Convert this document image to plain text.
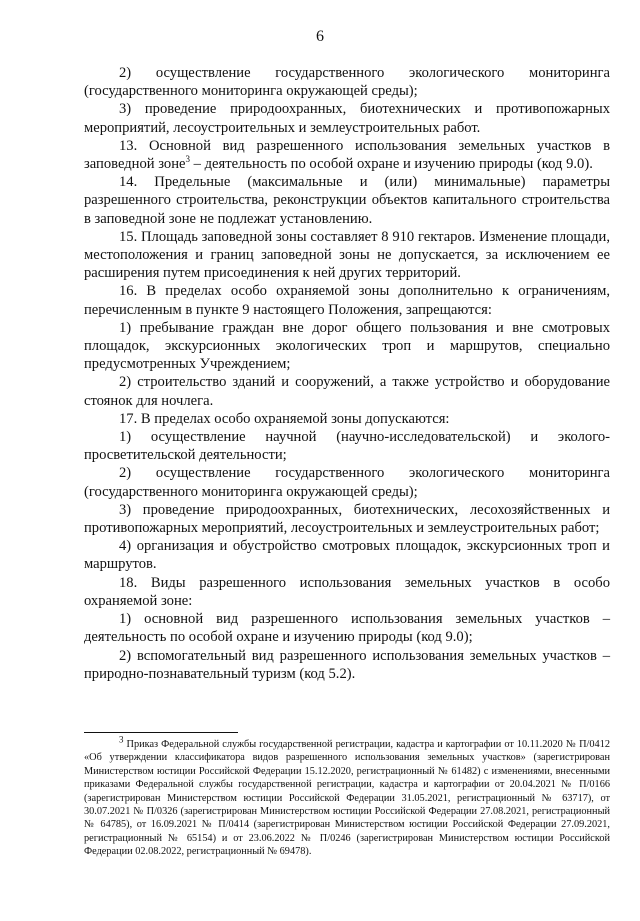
6

2) осуществление государственного экологического мониторинга (государственного мониторинга окружающей среды);

3) проведение природоохранных, биотехнических и противопожарных мероприятий, лесоустроительных и землеустроительных работ.

13. Основной вид разрешенного использования земельных участков в заповедной зоне$^3$ – деятельность по особой охране и изучению природы (код 9.0).

14. Предельные (максимальные и (или) минимальные) параметры разрешенного строительства, реконструкции объектов капитального строительства в заповедной зоне не подлежат установлению.

15. Площадь заповедной зоны составляет 8 910 гектаров. Изменение площади, местоположения и границ заповедной зоны не допускается, за исключением ее расширения путем присоединения к ней других территорий.

16. В пределах особо охраняемой зоны дополнительно к ограничениям, перечисленным в пункте 9 настоящего Положения, запрещаются:

1) пребывание граждан вне дорог общего пользования и вне смотровых площадок, экскурсионных экологических троп и маршрутов, специально предусмотренных Учреждением;

2) строительство зданий и сооружений, а также устройство и оборудование стоянок для ночлега.

17. В пределах особо охраняемой зоны допускаются:

1) осуществление научной (научно-исследовательской) и эколого-просветительской деятельности;

2) осуществление государственного экологического мониторинга (государственного мониторинга окружающей среды);

3) проведение природоохранных, биотехнических, лесохозяйственных и противопожарных мероприятий, лесоустроительных и землеустроительных работ;

4) организация и обустройство смотровых площадок, экскурсионных троп и маршрутов.

18. Виды разрешенного использования земельных участков в особо охраняемой зоне:

1) основной вид разрешенного использования земельных участков – деятельность по особой охране и изучению природы (код 9.0);

2) вспомогательный вид разрешенного использования земельных участков – природно-познавательный туризм (код 5.2).

$^3$ Приказ Федеральной службы государственной регистрации, кадастра и картографии от 10.11.2020 № П/0412 «Об утверждении классификатора видов разрешенного использования земельных участков» (зарегистрирован Министерством юстиции Российской Федерации 15.12.2020, регистрационный № 61482) с изменениями, внесенными приказами Федеральной службы государственной регистрации, кадастра и картографии от 20.04.2021 № П/0166 (зарегистрирован Министерством юстиции Российской Федерации 31.05.2021, регистрационный № 63717), от 30.07.2021 № П/0326 (зарегистрирован Министерством юстиции Российской Федерации 27.08.2021, регистрационный № 64785), от 16.09.2021 № П/0414 (зарегистрирован Министерством юстиции Российской Федерации 27.09.2021, регистрационный № 65154) и от 23.06.2022 № П/0246 (зарегистрирован Министерством юстиции Российской Федерации 02.08.2022, регистрационный № 69478).
